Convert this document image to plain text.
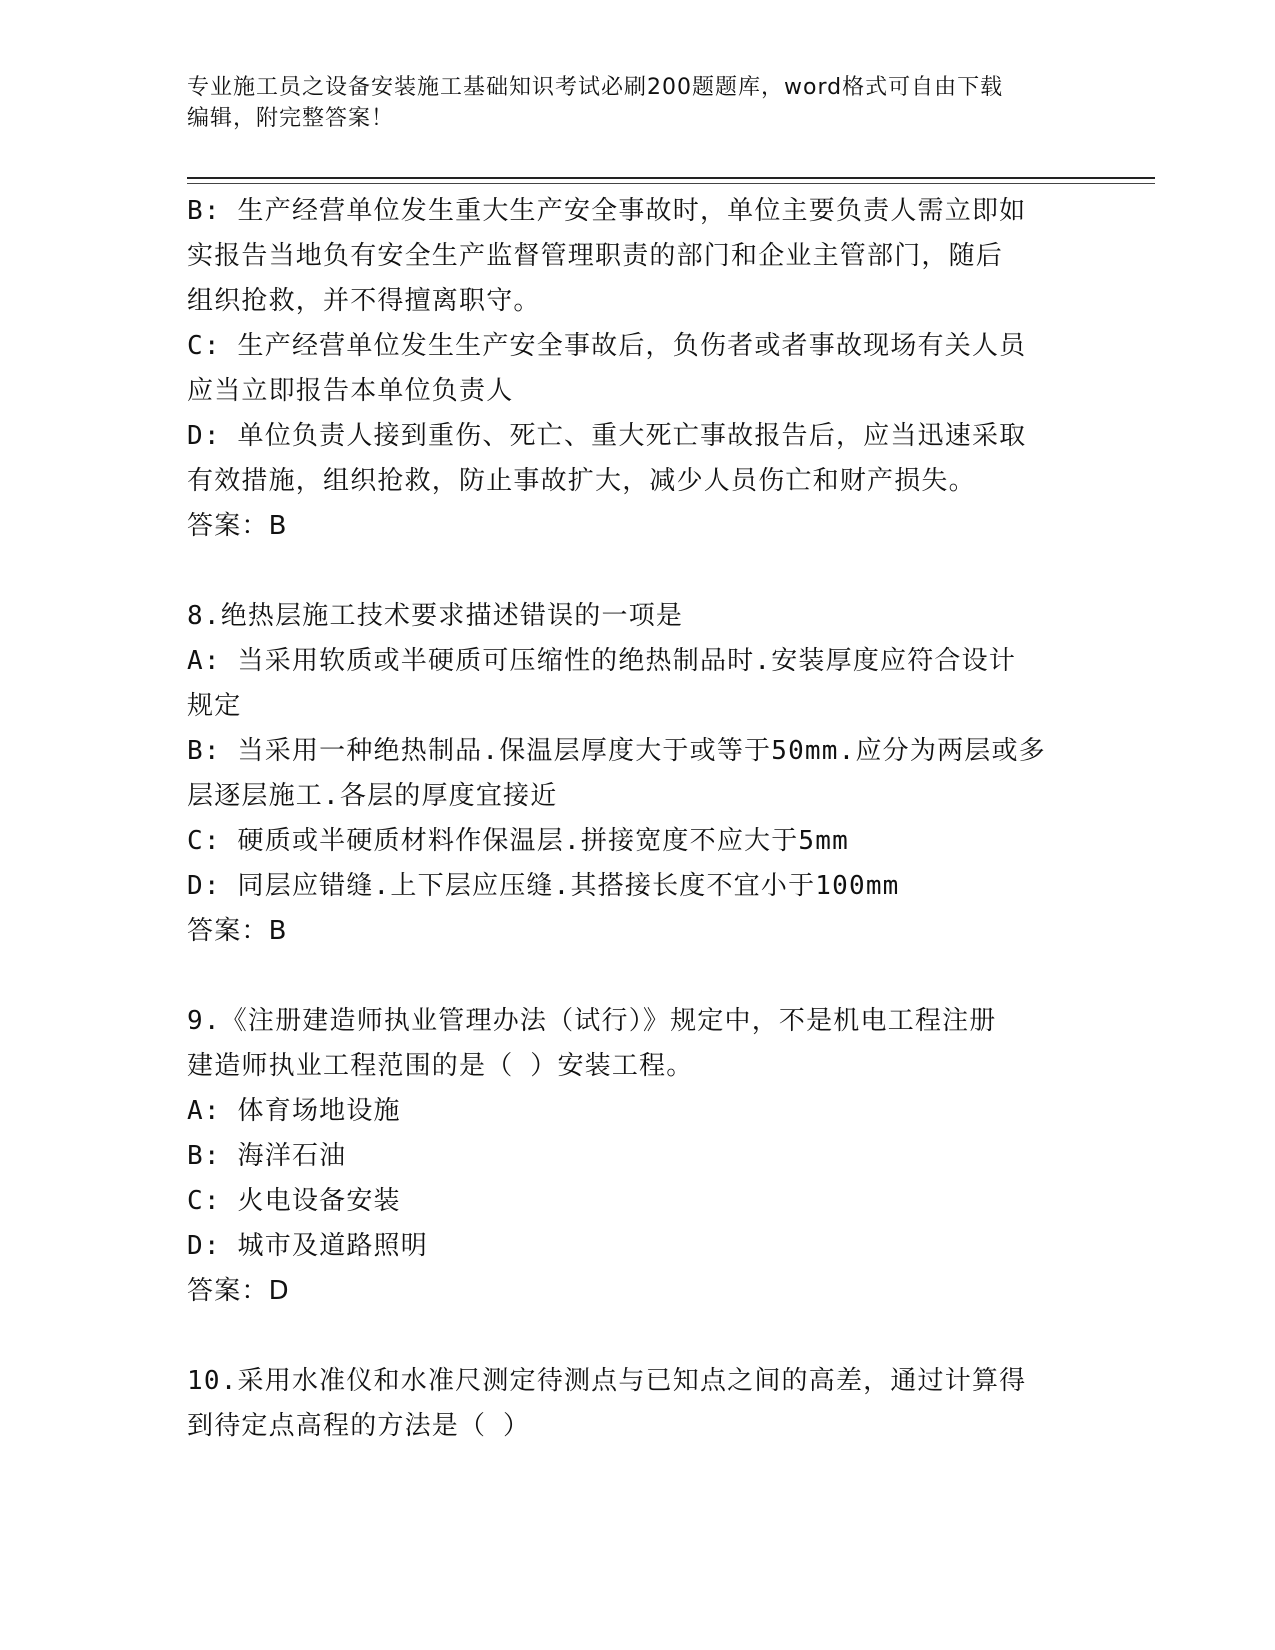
专业施工员之设备安装施工基础知识考试必刷200题题库，word格式可自由下载
编辑，附完整答案！
B: 生产经营单位发生重大生产安全事故时，单位主要负责人需立即如
实报告当地负有安全生产监督管理职责的部门和企业主管部门，随后
组织抢救，并不得擅离职守。
C: 生产经营单位发生生产安全事故后，负伤者或者事故现场有关人员
应当立即报告本单位负责人
D: 单位负责人接到重伤、死亡、重大死亡事故报告后，应当迅速采取
有效措施，组织抢救，防止事故扩大，减少人员伤亡和财产损失。
答案：B
8.绝热层施工技术要求描述错误的一项是
A: 当采用软质或半硬质可压缩性的绝热制品时.安装厚度应符合设计
规定
B: 当采用一种绝热制品.保温层厚度大于或等于50mm.应分为两层或多
层逐层施工.各层的厚度宜接近
C: 硬质或半硬质材料作保温层.拼接宽度不应大于5mm
D: 同层应错缝.上下层应压缝.其搭接长度不宜小于100mm
答案：B
9.《注册建造师执业管理办法（试行）》规定中，不是机电工程注册
建造师执业工程范围的是（ ）安装工程。
A: 体育场地设施
B: 海洋石油
C: 火电设备安装
D: 城市及道路照明
答案：D
10.采用水准仪和水准尺测定待测点与已知点之间的高差，通过计算得
到待定点高程的方法是（ ）
